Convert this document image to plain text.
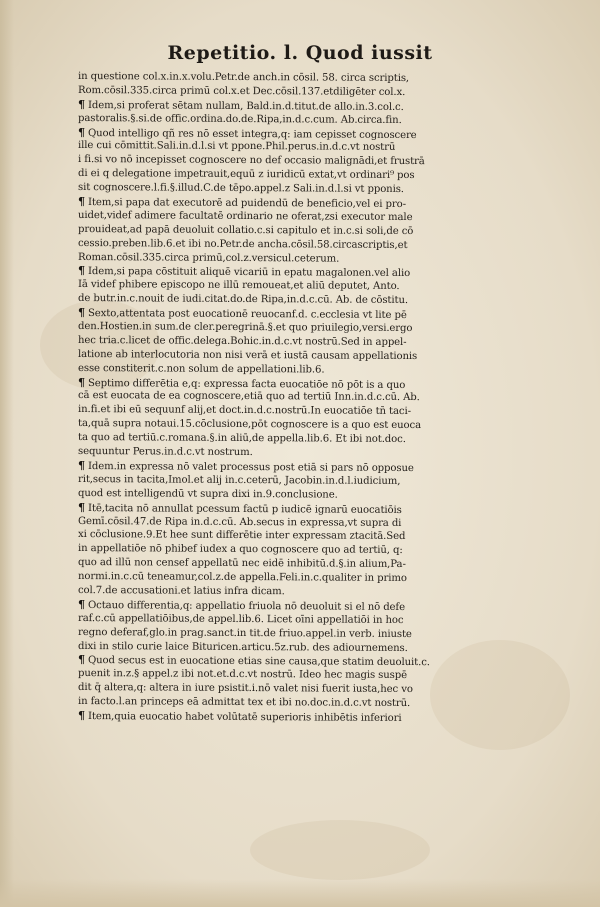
Repetitio. l. Quod iussit
in questione col.x.in.x.volu.Petr.de anch.in cōsil. 58. circa scriptis,
Rom.cōsil.335.circa primū col.x.et Dec.cōsil.137.etdiligēter col.x.
¶ Idem,si proferat sētam nullam, Bald.in.d.titut.de allo.in.3.col.c.
pastoralis.§.si.de offic.ordina.do.de.Ripa,in.d.c.cum. Ab.circa.fin.
¶ Quod intelligo qñ res nō esset integra,q: iam cepisset cognoscere
ille cui cōmittit.Sali.in.d.l.si vt ppone.Phil.perus.in.d.c.vt nostrū
i fi.si vo nō incepisset cognoscere no def occasio malignādi,et frustrā
di ei q delegatione impetrauit,equū z iuridicū extat,vt ordinari⁹ pos
sit cognoscere.l.fi.§.illud.C.de tēpo.appel.z Sali.in.d.l.si vt pponis.
¶ Item,si papa dat executorē ad puidendū de beneficio,vel ei pro-
uidet,videf adimere facultatē ordinario ne oferat,zsi executor male
prouideat,ad papā deuoluit collatio.c.si capitulo et in.c.si soli,de cō
cessio.preben.lib.6.et ibi no.Petr.de ancha.cōsil.58.circascriptis,et
Roman.cōsil.335.circa primū,col.z.versicul.ceterum.
¶ Idem,si papa cōstituit aliquē vicariū in epatu magalonen.vel alio
Iā videf phibere episcopo ne illū remoueat,et aliū deputet, Anto.
de butr.in.c.nouit de iudi.citat.do.de Ripa,in.d.c.cū. Ab. de cōstitu.
¶ Sexto,attentata post euocationē reuocanf.d. c.ecclesia vt lite pē
den.Hostien.in sum.de cler.peregrinā.§.et quo priuilegio,versi.ergo
hec tria.c.licet de offic.delega.Bohic.in.d.c.vt nostrū.Sed in appel-
latione ab interlocutoria non nisi verā et iustā causam appellationis
esse constiterit.c.non solum de appellationi.lib.6.
¶ Septimo differētia e,q: expressa facta euocatiōe nō pōt is a quo
cā est euocata de ea cognoscere,etiā quo ad tertiū Inn.in.d.c.cū. Ab.
in.fi.et ibi eū sequunf alij,et doct.in.d.c.nostrū.In euocatiōe tn̄ taci-
ta,quā supra notaui.15.cōclusione,pōt cognoscere is a quo est euoca
ta quo ad tertiū.c.romana.§.in aliū,de appella.lib.6. Et ibi not.doc.
sequuntur Perus.in.d.c.vt nostrum.
¶ Idem.in expressa nō valet processus post etiā si pars nō opposue
rit,secus in tacita,Imol.et alij in.c.ceterū, Jacobin.in.d.l.iudicium,
quod est intelligendū vt supra dixi in.9.conclusione.
¶ Itē,tacita nō annullat pcessum factū p iudicē ignarū euocatiōis
Gemī.cōsil.47.de Ripa in.d.c.cū. Ab.secus in expressa,vt supra di
xi cōclusione.9.Et hee sunt differētie inter expressam ztacitā.Sed
in appellatiōe nō phibef iudex a quo cognoscere quo ad tertiū, q:
quo ad illū non censef appellatū nec eidē inhibitū.d.§.in alium,Pa-
normi.in.c.cū teneamur,col.z.de appella.Feli.in.c.qualiter in primo
col.7.de accusationi.et latius infra dicam.
¶ Octauo differentia,q: appellatio friuola nō deuoluit si el nō defe
raf.c.cū appellatiōibus,de appel.lib.6. Licet oīni appellatiōi in hoc
regno deferaf,glo.in prag.sanct.in tit.de friuo.appel.in verb. iniuste
dixi in stilo curie laice Bituricen.articu.5z.rub. des adiournemens.
¶ Quod secus est in euocatione etias sine causa,que statim deuoluit.c.
puenit in.z.§ appel.z ibi not.et.d.c.vt nostrū. Ideo hec magis suspē
dit q̄ altera,q: altera in iure psistit.i.nō valet nisi fuerit iusta,hec vo
in facto.l.an princeps eā admittat tex et ibi no.doc.in.d.c.vt nostrū.
¶ Item,quia euocatio habet volūtatē superioris inhibētis inferiori
